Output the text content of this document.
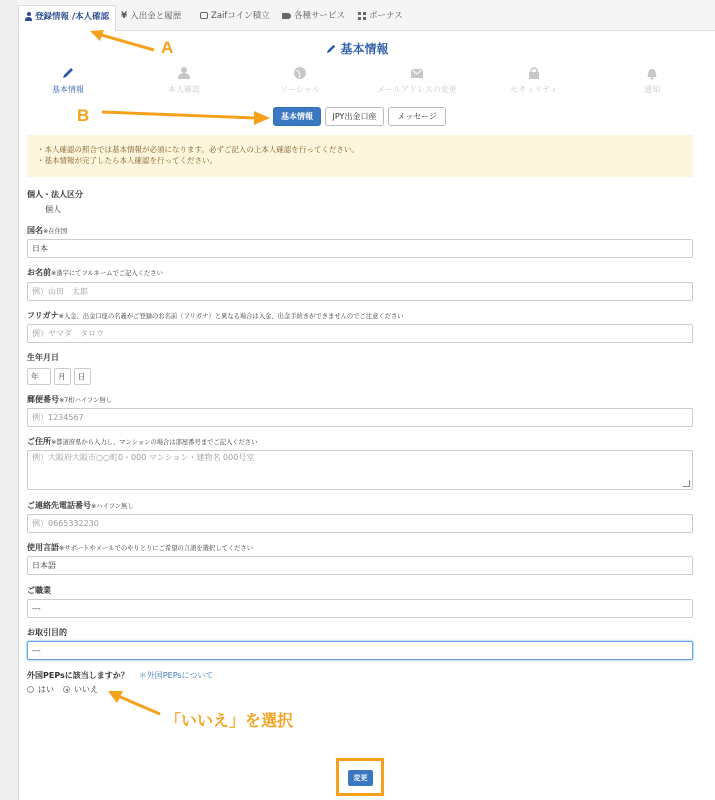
登録情報 /本人確認	¥ 入出金と履歴	Zaifコイン積立	各種サービス	ボーナス
A	基本情報
基本情報	本人確認	ソーシャル	メールアドレスの変更	セキュリティ	通知
B	基本情報	JPY出金口座	メッセージ
・本人確認の照合では基本情報が必須になります。必ずご記入の上本人確認を行ってください。
・基本情報が完了したら本人確認を行ってください。
個人・法人区分
個人
国名※在住国
日本
お名前※漢字にてフルネームでご記入ください
例）山田　太郎
フリガナ※入金、出金口座の名義がご登録のお名前（フリガナ）と異なる場合は入金、出金手続きができませんのでご注意ください
例）ヤマダ　タロウ
生年月日
年	月	日
郵便番号※7桁ハイフン無し
例）1234567
ご住所※都道府県から入力し、マンションの場合は部屋番号までご記入ください
例）大阪府大阪市○○町0・000 マンション・建物名 000号室
ご連絡先電話番号※ハイフン無し
例）0665332230
使用言語※サポートやメールでのやりとりにご希望の言語を選択してください
日本語
ご職業
---
お取引目的
---
外国PEPsに該当しますか？ ＊外国PEPsについて
はい	いいえ
「いいえ」を選択
変更
